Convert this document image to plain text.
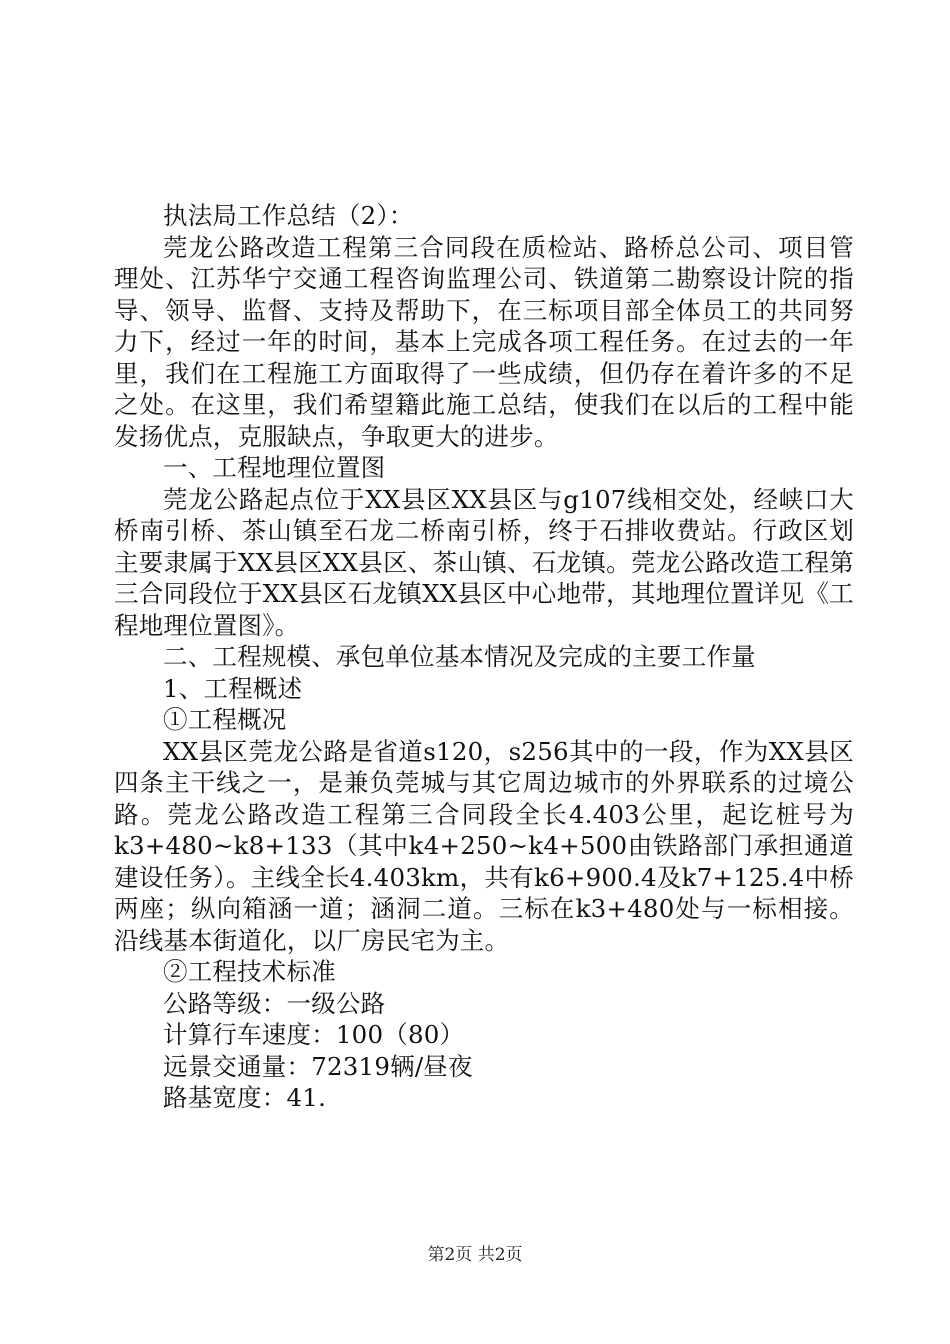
执法局工作总结（2）：

莞龙公路改造工程第三合同段在质检站、路桥总公司、项目管理处、江苏华宁交通工程咨询监理公司、铁道第二勘察设计院的指导、领导、监督、支持及帮助下，在三标项目部全体员工的共同努力下，经过一年的时间，基本上完成各项工程任务。在过去的一年里，我们在工程施工方面取得了一些成绩，但仍存在着许多的不足之处。在这里，我们希望籍此施工总结，使我们在以后的工程中能发扬优点，克服缺点，争取更大的进步。

一、工程地理位置图

莞龙公路起点位于XX县区XX县区与g107线相交处，经峡口大桥南引桥、茶山镇至石龙二桥南引桥，终于石排收费站。行政区划主要隶属于XX县区XX县区、茶山镇、石龙镇。莞龙公路改造工程第三合同段位于XX县区石龙镇XX县区中心地带，其地理位置详见《工程地理位置图》。

二、工程规模、承包单位基本情况及完成的主要工作量

1、工程概述

①工程概况

XX县区莞龙公路是省道s120，s256其中的一段，作为XX县区四条主干线之一，是兼负莞城与其它周边城市的外界联系的过境公路。莞龙公路改造工程第三合同段全长4.403公里，起讫桩号为k3+480~k8+133（其中k4+250~k4+500由铁路部门承担通道建设任务）。主线全长4.403km，共有k6+900.4及k7+125.4中桥两座；纵向箱涵一道；涵洞二道。三标在k3+480处与一标相接。沿线基本街道化，以厂房民宅为主。

②工程技术标准

公路等级：一级公路

计算行车速度：100（80）

远景交通量：72319辆/昼夜

路基宽度：41.

第2页 共2页
